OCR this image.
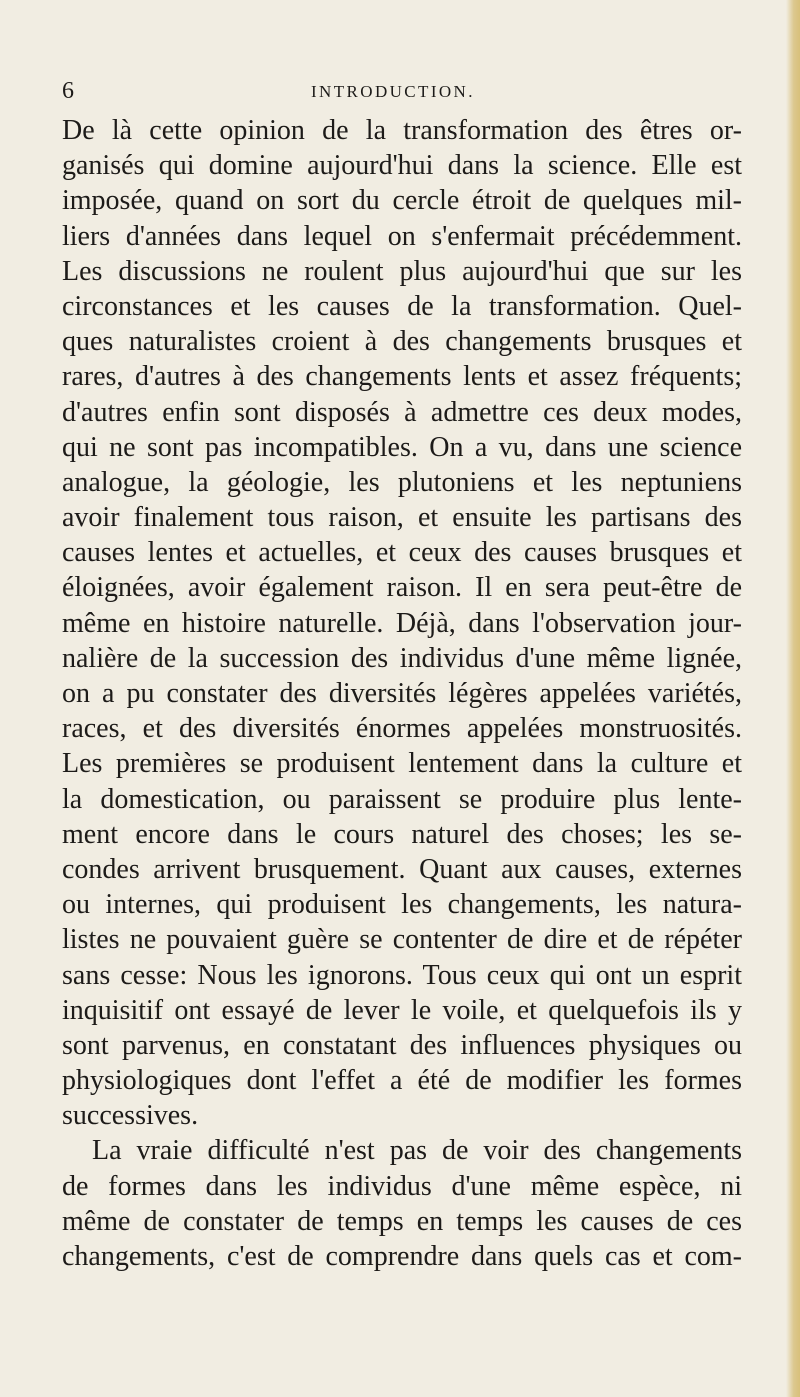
6	INTRODUCTION.
De là cette opinion de la transformation des êtres or-
ganisés qui domine aujourd'hui dans la science. Elle est
imposée, quand on sort du cercle étroit de quelques mil-
liers d'années dans lequel on s'enfermait précédemment.
Les discussions ne roulent plus aujourd'hui que sur les
circonstances et les causes de la transformation. Quel-
ques naturalistes croient à des changements brusques et
rares, d'autres à des changements lents et assez fréquents;
d'autres enfin sont disposés à admettre ces deux modes,
qui ne sont pas incompatibles. On a vu, dans une science
analogue, la géologie, les plutoniens et les neptuniens
avoir finalement tous raison, et ensuite les partisans des
causes lentes et actuelles, et ceux des causes brusques et
éloignées, avoir également raison. Il en sera peut-être de
même en histoire naturelle. Déjà, dans l'observation jour-
nalière de la succession des individus d'une même lignée,
on a pu constater des diversités légères appelées variétés,
races, et des diversités énormes appelées monstruosités.
Les premières se produisent lentement dans la culture et
la domestication, ou paraissent se produire plus lente-
ment encore dans le cours naturel des choses; les se-
condes arrivent brusquement. Quant aux causes, externes
ou internes, qui produisent les changements, les natura-
listes ne pouvaient guère se contenter de dire et de répéter
sans cesse: Nous les ignorons. Tous ceux qui ont un esprit
inquisitif ont essayé de lever le voile, et quelquefois ils y
sont parvenus, en constatant des influences physiques ou
physiologiques dont l'effet a été de modifier les formes
successives.
La vraie difficulté n'est pas de voir des changements
de formes dans les individus d'une même espèce, ni
même de constater de temps en temps les causes de ces
changements, c'est de comprendre dans quels cas et com-
